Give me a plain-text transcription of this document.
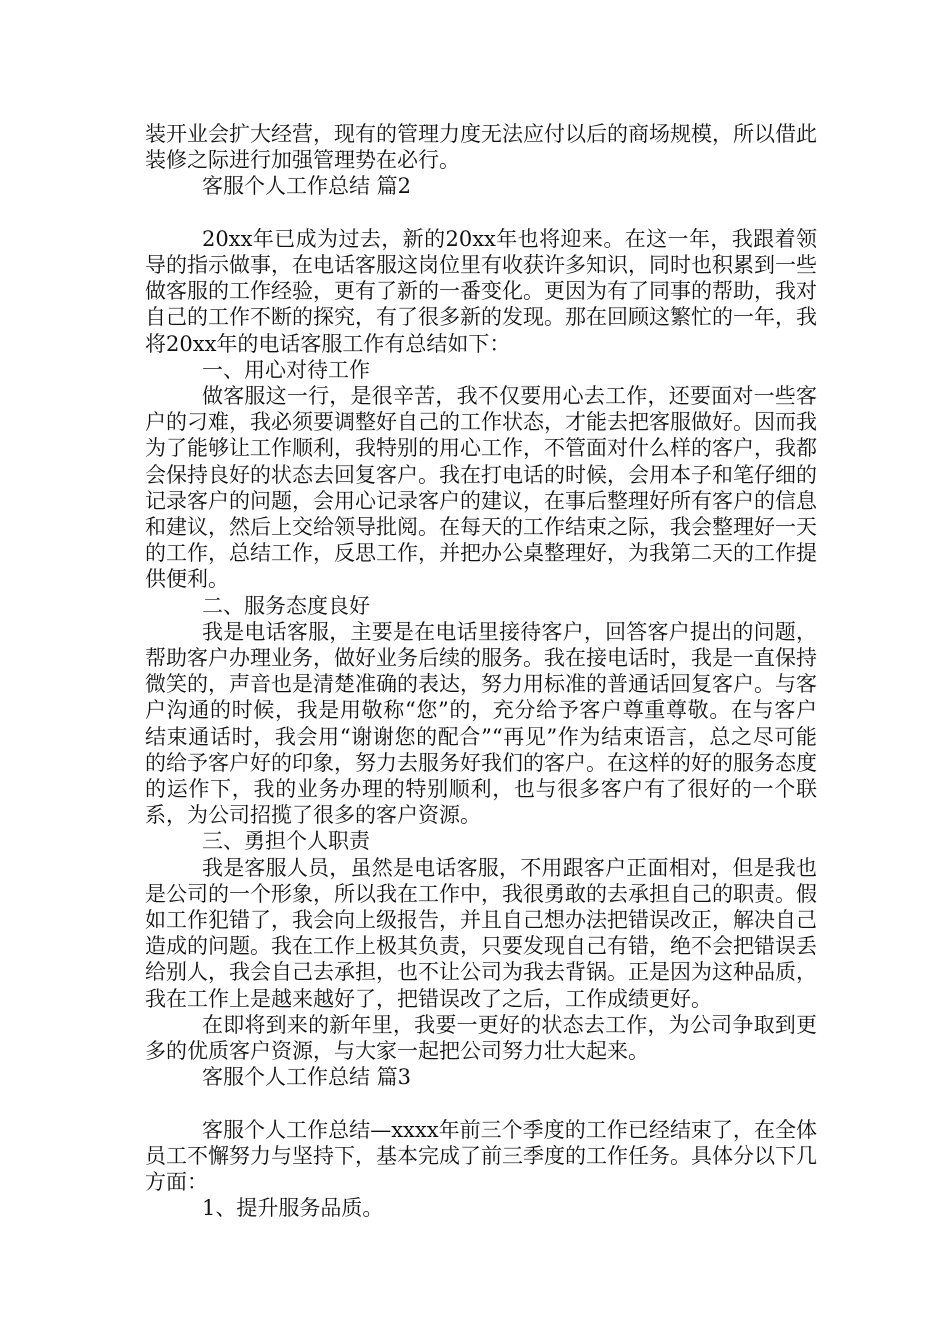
装开业会扩大经营，现有的管理力度无法应付以后的商场规模，所以借此装修之际进行加强管理势在必行。

客服个人工作总结 篇2

20xx年已成为过去，新的20xx年也将迎来。在这一年，我跟着领导的指示做事，在电话客服这岗位里有收获许多知识，同时也积累到一些做客服的工作经验，更有了新的一番变化。更因为有了同事的帮助，我对自己的工作不断的探究，有了很多新的发现。那在回顾这繁忙的一年，我将20xx年的电话客服工作有总结如下：

一、用心对待工作

做客服这一行，是很辛苦，我不仅要用心去工作，还要面对一些客户的刁难，我必须要调整好自己的工作状态，才能去把客服做好。因而我为了能够让工作顺利，我特别的用心工作，不管面对什么样的客户，我都会保持良好的状态去回复客户。我在打电话的时候，会用本子和笔仔细的记录客户的问题，会用心记录客户的建议，在事后整理好所有客户的信息和建议，然后上交给领导批阅。在每天的工作结束之际，我会整理好一天的工作，总结工作，反思工作，并把办公桌整理好，为我第二天的工作提供便利。

二、服务态度良好

我是电话客服，主要是在电话里接待客户，回答客户提出的问题，帮助客户办理业务，做好业务后续的服务。我在接电话时，我是一直保持微笑的，声音也是清楚准确的表达，努力用标准的普通话回复客户。与客户沟通的时候，我是用敬称“您”的，充分给予客户尊重尊敬。在与客户结束通话时，我会用“谢谢您的配合”“再见”作为结束语言，总之尽可能的给予客户好的印象，努力去服务好我们的客户。在这样的好的服务态度的运作下，我的业务办理的特别顺利，也与很多客户有了很好的一个联系，为公司招揽了很多的客户资源。

三、勇担个人职责

我是客服人员，虽然是电话客服，不用跟客户正面相对，但是我也是公司的一个形象，所以我在工作中，我很勇敢的去承担自己的职责。假如工作犯错了，我会向上级报告，并且自己想办法把错误改正，解决自己造成的问题。我在工作上极其负责，只要发现自己有错，绝不会把错误丢给别人，我会自己去承担，也不让公司为我去背锅。正是因为这种品质，我在工作上是越来越好了，把错误改了之后，工作成绩更好。

在即将到来的新年里，我要一更好的状态去工作，为公司争取到更多的优质客户资源，与大家一起把公司努力壮大起来。

客服个人工作总结 篇3

客服个人工作总结—xxxx年前三个季度的工作已经结束了，在全体员工不懈努力与坚持下，基本完成了前三季度的工作任务。具体分以下几方面：

1、提升服务品质。
